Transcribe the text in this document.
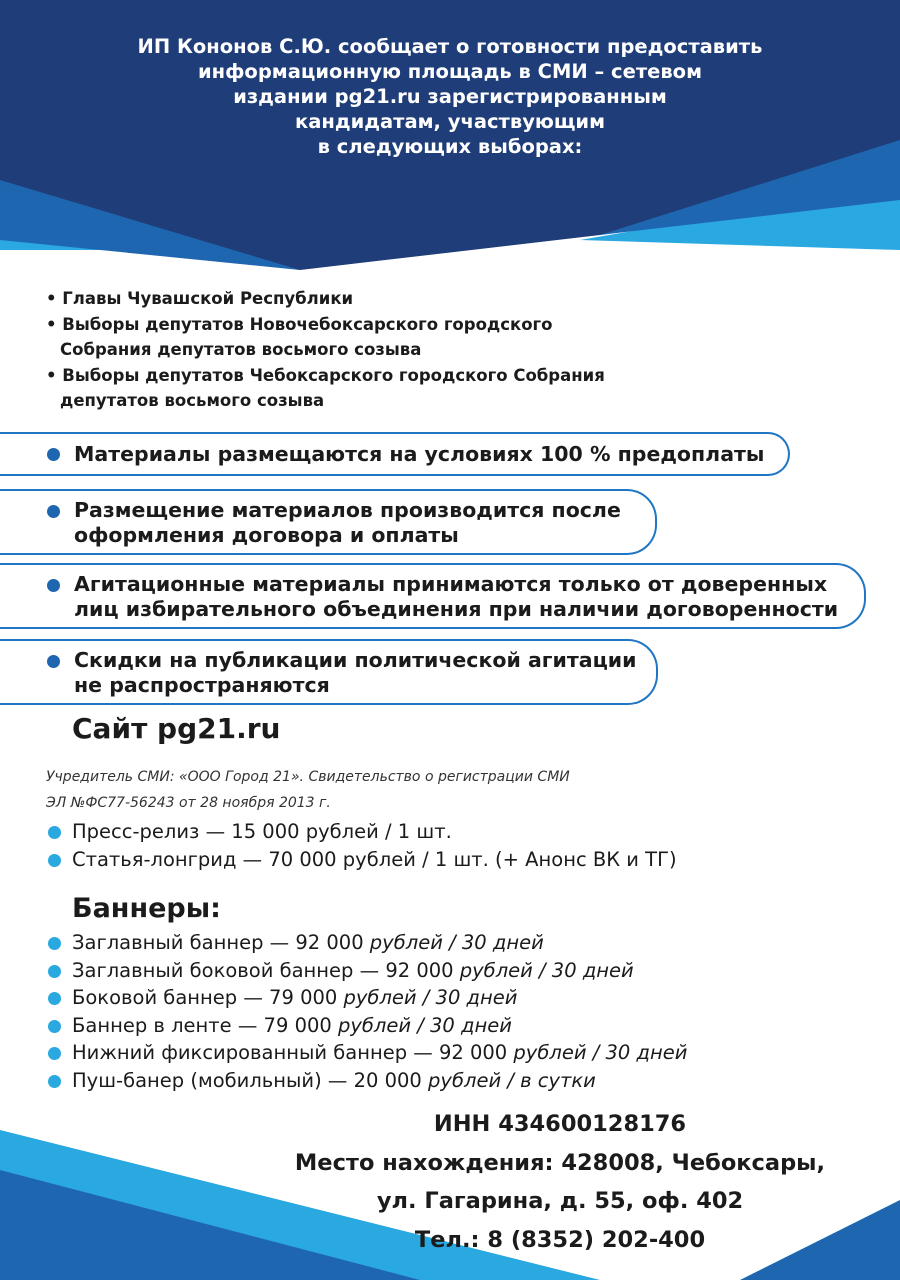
ИП Кононов С.Ю. сообщает о готовности предоставить
информационную площадь в СМИ – сетевом
издании pg21.ru зарегистрированным
кандидатам, участвующим
в следующих выборах:
• Главы Чувашской Республики
• Выборы депутатов Новочебоксарского городского
Собрания депутатов восьмого созыва
• Выборы депутатов Чебоксарского городского Собрания
депутатов восьмого созыва
Материалы размещаются на условиях 100 % предоплаты
Размещение материалов производится после
оформления договора и оплаты
Агитационные материалы принимаются только от доверенных
лиц избирательного объединения при наличии договоренности
Скидки на публикации политической агитации
не распространяются
Сайт pg21.ru
Учредитель СМИ: «ООО Город 21». Свидетельство о регистрации СМИ
ЭЛ №ФС77-56243 от 28 ноября 2013 г.
Пресс-релиз — 15 000 рублей / 1 шт.
Статья-лонгрид — 70 000 рублей / 1 шт. (+ Анонс ВК и ТГ)
Баннеры:
Заглавный баннер — 92 000 рублей / 30 дней
Заглавный боковой баннер — 92 000 рублей / 30 дней
Боковой баннер — 79 000 рублей / 30 дней
Баннер в ленте — 79 000 рублей / 30 дней
Нижний фиксированный баннер — 92 000 рублей / 30 дней
Пуш-банер (мобильный) — 20 000 рублей / в сутки
ИНН 434600128176
Место нахождения: 428008, Чебоксары,
ул. Гагарина, д. 55, оф. 402
Тел.: 8 (8352) 202-400
